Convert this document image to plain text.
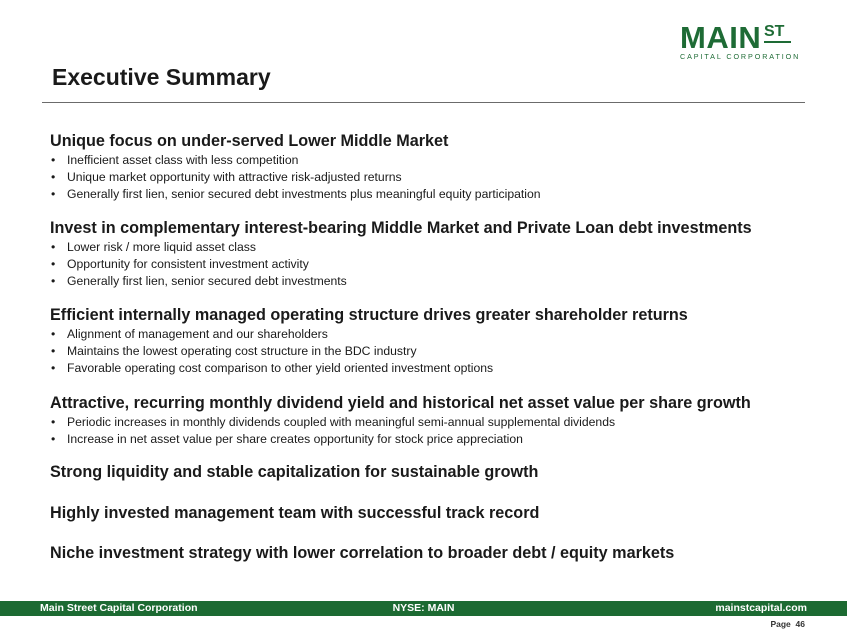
MAIN ST
CAPITAL CORPORATION
Executive Summary
Unique focus on under-served Lower Middle Market
• Inefficient asset class with less competition
• Unique market opportunity with attractive risk-adjusted returns
• Generally first lien, senior secured debt investments plus meaningful equity participation
Invest in complementary interest-bearing Middle Market and Private Loan debt investments
• Lower risk / more liquid asset class
• Opportunity for consistent investment activity
• Generally first lien, senior secured debt investments
Efficient internally managed operating structure drives greater shareholder returns
• Alignment of management and our shareholders
• Maintains the lowest operating cost structure in the BDC industry
• Favorable operating cost comparison to other yield oriented investment options
Attractive, recurring monthly dividend yield and historical net asset value per share growth
• Periodic increases in monthly dividends coupled with meaningful semi-annual supplemental dividends
• Increase in net asset value per share creates opportunity for stock price appreciation
Strong liquidity and stable capitalization for sustainable growth
Highly invested management team with successful track record
Niche investment strategy with lower correlation to broader debt / equity markets
NYSE: MAIN
Main Street Capital Corporation	mainstcapital.com
Page 46
